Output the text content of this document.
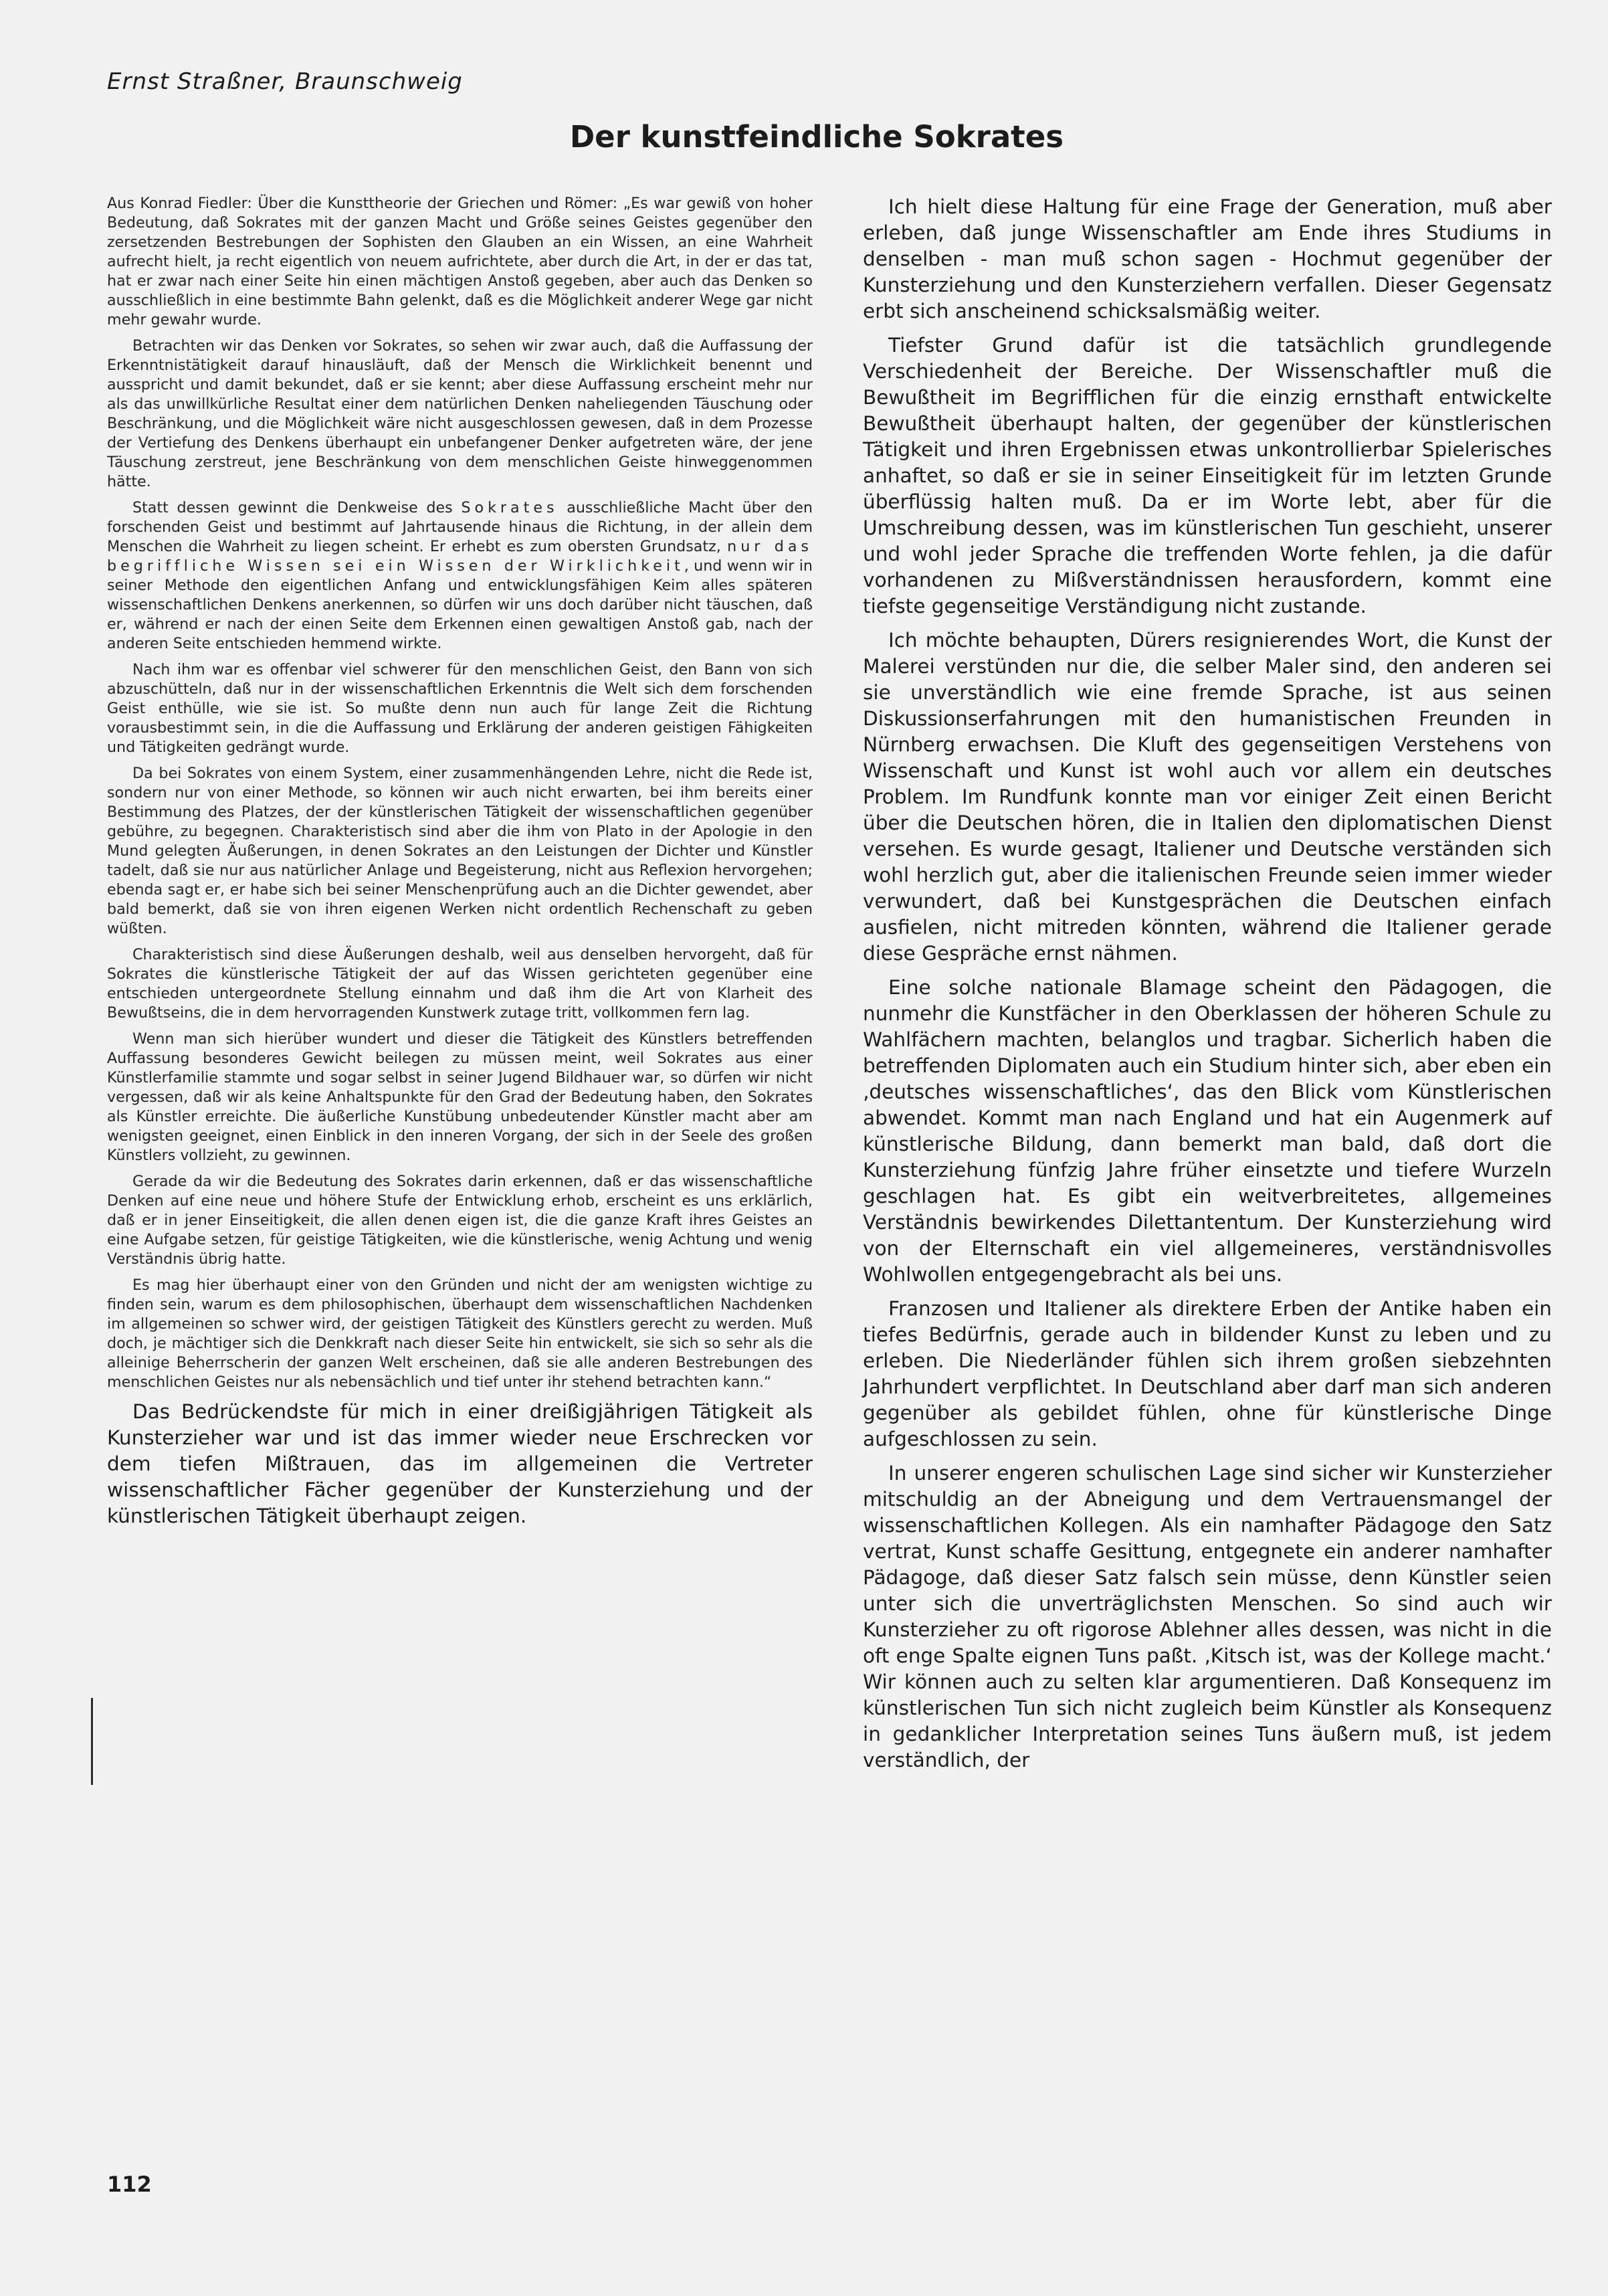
Ernst Straßner, Braunschweig
Der kunstfeindliche Sokrates

Aus Konrad Fiedler: Über die Kunsttheorie der Griechen und Römer: „Es war gewiß von hoher Bedeutung, daß Sokrates mit der ganzen Macht und Größe seines Geistes gegenüber den zersetzenden Bestrebungen der Sophisten den Glauben an ein Wissen, an eine Wahrheit aufrecht hielt, ja recht eigentlich von neuem aufrichtete, aber durch die Art, in der er das tat, hat er zwar nach einer Seite hin einen mächtigen Anstoß gegeben, aber auch das Denken so ausschließlich in eine bestimmte Bahn gelenkt, daß es die Möglichkeit anderer Wege gar nicht mehr gewahr wurde.

Betrachten wir das Denken vor Sokrates, so sehen wir zwar auch, daß die Auffassung der Erkenntnistätigkeit darauf hinausläuft, daß der Mensch die Wirklichkeit benennt und ausspricht und damit bekundet, daß er sie kennt; aber diese Auffassung erscheint mehr nur als das unwillkürliche Resultat einer dem natürlichen Denken naheliegenden Täuschung oder Beschränkung, und die Möglichkeit wäre nicht ausgeschlossen gewesen, daß in dem Prozesse der Vertiefung des Denkens überhaupt ein unbefangener Denker aufgetreten wäre, der jene Täuschung zerstreut, jene Beschränkung von dem menschlichen Geiste hinweggenommen hätte.

Statt dessen gewinnt die Denkweise des Sokrates ausschließliche Macht über den forschenden Geist und bestimmt auf Jahrtausende hinaus die Richtung, in der allein dem Menschen die Wahrheit zu liegen scheint. Er erhebt es zum obersten Grundsatz, nur das begriffliche Wissen sei ein Wissen der Wirklichkeit, und wenn wir in seiner Methode den eigentlichen Anfang und entwicklungsfähigen Keim alles späteren wissenschaftlichen Denkens anerkennen, so dürfen wir uns doch darüber nicht täuschen, daß er, während er nach der einen Seite dem Erkennen einen gewaltigen Anstoß gab, nach der anderen Seite entschieden hemmend wirkte.

Nach ihm war es offenbar viel schwerer für den menschlichen Geist, den Bann von sich abzuschütteln, daß nur in der wissenschaftlichen Erkenntnis die Welt sich dem forschenden Geist enthülle, wie sie ist. So mußte denn nun auch für lange Zeit die Richtung vorausbestimmt sein, in die die Auffassung und Erklärung der anderen geistigen Fähigkeiten und Tätigkeiten gedrängt wurde.

Da bei Sokrates von einem System, einer zusammenhängenden Lehre, nicht die Rede ist, sondern nur von einer Methode, so können wir auch nicht erwarten, bei ihm bereits einer Bestimmung des Platzes, der der künstlerischen Tätigkeit der wissenschaftlichen gegenüber gebühre, zu begegnen. Charakteristisch sind aber die ihm von Plato in der Apologie in den Mund gelegten Äußerungen, in denen Sokrates an den Leistungen der Dichter und Künstler tadelt, daß sie nur aus natürlicher Anlage und Begeisterung, nicht aus Reflexion hervorgehen; ebenda sagt er, er habe sich bei seiner Menschenprüfung auch an die Dichter gewendet, aber bald bemerkt, daß sie von ihren eigenen Werken nicht ordentlich Rechenschaft zu geben wüßten.

Charakteristisch sind diese Äußerungen deshalb, weil aus denselben hervorgeht, daß für Sokrates die künstlerische Tätigkeit der auf das Wissen gerichteten gegenüber eine entschieden untergeordnete Stellung einnahm und daß ihm die Art von Klarheit des Bewußtseins, die in dem hervorragenden Kunstwerk zutage tritt, vollkommen fern lag.

Wenn man sich hierüber wundert und dieser die Tätigkeit des Künstlers betreffenden Auffassung besonderes Gewicht beilegen zu müssen meint, weil Sokrates aus einer Künstlerfamilie stammte und sogar selbst in seiner Jugend Bildhauer war, so dürfen wir nicht vergessen, daß wir als keine Anhaltspunkte für den Grad der Bedeutung haben, den Sokrates als Künstler erreichte. Die äußerliche Kunstübung unbedeutender Künstler macht aber am wenigsten geeignet, einen Einblick in den inneren Vorgang, der sich in der Seele des großen Künstlers vollzieht, zu gewinnen.

Gerade da wir die Bedeutung des Sokrates darin erkennen, daß er das wissenschaftliche Denken auf eine neue und höhere Stufe der Entwicklung erhob, erscheint es uns erklärlich, daß er in jener Einseitigkeit, die allen denen eigen ist, die die ganze Kraft ihres Geistes an eine Aufgabe setzen, für geistige Tätigkeiten, wie die künstlerische, wenig Achtung und wenig Verständnis übrig hatte.

Es mag hier überhaupt einer von den Gründen und nicht der am wenigsten wichtige zu finden sein, warum es dem philosophischen, überhaupt dem wissenschaftlichen Nachdenken im allgemeinen so schwer wird, der geistigen Tätigkeit des Künstlers gerecht zu werden. Muß doch, je mächtiger sich die Denkkraft nach dieser Seite hin entwickelt, sie sich so sehr als die alleinige Beherrscherin der ganzen Welt erscheinen, daß sie alle anderen Bestrebungen des menschlichen Geistes nur als nebensächlich und tief unter ihr stehend betrachten kann.“

Das Bedrückendste für mich in einer dreißigjährigen Tätigkeit als Kunsterzieher war und ist das immer wieder neue Erschrecken vor dem tiefen Mißtrauen, das im allgemeinen die Vertreter wissenschaftlicher Fächer gegenüber der Kunsterziehung und der künstlerischen Tätigkeit überhaupt zeigen.

Ich hielt diese Haltung für eine Frage der Generation, muß aber erleben, daß junge Wissenschaftler am Ende ihres Studiums in denselben - man muß schon sagen - Hochmut gegenüber der Kunsterziehung und den Kunsterziehern verfallen. Dieser Gegensatz erbt sich anscheinend schicksalsmäßig weiter.

Tiefster Grund dafür ist die tatsächlich grundlegende Verschiedenheit der Bereiche. Der Wissenschaftler muß die Bewußtheit im Begrifflichen für die einzig ernsthaft entwickelte Bewußtheit überhaupt halten, der gegenüber der künstlerischen Tätigkeit und ihren Ergebnissen etwas unkontrollierbar Spielerisches anhaftet, so daß er sie in seiner Einseitigkeit für im letzten Grunde überflüssig halten muß. Da er im Worte lebt, aber für die Umschreibung dessen, was im künstlerischen Tun geschieht, unserer und wohl jeder Sprache die treffenden Worte fehlen, ja die dafür vorhandenen zu Mißverständnissen herausfordern, kommt eine tiefste gegenseitige Verständigung nicht zustande.

Ich möchte behaupten, Dürers resignierendes Wort, die Kunst der Malerei verstünden nur die, die selber Maler sind, den anderen sei sie unverständlich wie eine fremde Sprache, ist aus seinen Diskussionserfahrungen mit den humanistischen Freunden in Nürnberg erwachsen. Die Kluft des gegenseitigen Verstehens von Wissenschaft und Kunst ist wohl auch vor allem ein deutsches Problem. Im Rundfunk konnte man vor einiger Zeit einen Bericht über die Deutschen hören, die in Italien den diplomatischen Dienst versehen. Es wurde gesagt, Italiener und Deutsche verständen sich wohl herzlich gut, aber die italienischen Freunde seien immer wieder verwundert, daß bei Kunstgesprächen die Deutschen einfach ausfielen, nicht mitreden könnten, während die Italiener gerade diese Gespräche ernst nähmen.

Eine solche nationale Blamage scheint den Pädagogen, die nunmehr die Kunstfächer in den Oberklassen der höheren Schule zu Wahlfächern machten, belanglos und tragbar. Sicherlich haben die betreffenden Diplomaten auch ein Studium hinter sich, aber eben ein ‚deutsches wissenschaftliches‘, das den Blick vom Künstlerischen abwendet. Kommt man nach England und hat ein Augenmerk auf künstlerische Bildung, dann bemerkt man bald, daß dort die Kunsterziehung fünfzig Jahre früher einsetzte und tiefere Wurzeln geschlagen hat. Es gibt ein weitverbreitetes, allgemeines Verständnis bewirkendes Dilettantentum. Der Kunsterziehung wird von der Elternschaft ein viel allgemeineres, verständnisvolles Wohlwollen entgegengebracht als bei uns.

Franzosen und Italiener als direktere Erben der Antike haben ein tiefes Bedürfnis, gerade auch in bildender Kunst zu leben und zu erleben. Die Niederländer fühlen sich ihrem großen siebzehnten Jahrhundert verpflichtet. In Deutschland aber darf man sich anderen gegenüber als gebildet fühlen, ohne für künstlerische Dinge aufgeschlossen zu sein.

In unserer engeren schulischen Lage sind sicher wir Kunsterzieher mitschuldig an der Abneigung und dem Vertrauensmangel der wissenschaftlichen Kollegen. Als ein namhafter Pädagoge den Satz vertrat, Kunst schaffe Gesittung, entgegnete ein anderer namhafter Pädagoge, daß dieser Satz falsch sein müsse, denn Künstler seien unter sich die unverträglichsten Menschen. So sind auch wir Kunsterzieher zu oft rigorose Ablehner alles dessen, was nicht in die oft enge Spalte eignen Tuns paßt. ‚Kitsch ist, was der Kollege macht.‘ Wir können auch zu selten klar argumentieren. Daß Konsequenz im künstlerischen Tun sich nicht zugleich beim Künstler als Konsequenz in gedanklicher Interpretation seines Tuns äußern muß, ist jedem verständlich, der

112
